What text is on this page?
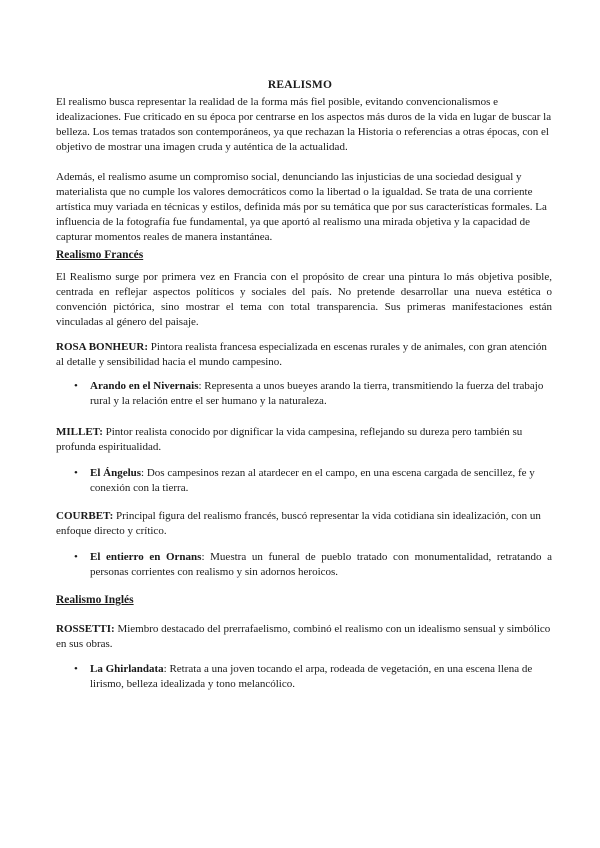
REALISMO

El realismo busca representar la realidad de la forma más fiel posible, evitando convencionalismos e idealizaciones. Fue criticado en su época por centrarse en los aspectos más duros de la vida en lugar de buscar la belleza. Los temas tratados son contemporáneos, ya que rechazan la Historia o referencias a otras épocas, con el objetivo de mostrar una imagen cruda y auténtica de la actualidad.

Además, el realismo asume un compromiso social, denunciando las injusticias de una sociedad desigual y materialista que no cumple los valores democráticos como la libertad o la igualdad. Se trata de una corriente artística muy variada en técnicas y estilos, definida más por su temática que por sus características formales. La influencia de la fotografía fue fundamental, ya que aportó al realismo una mirada objetiva y la capacidad de capturar momentos reales de manera instantánea.

Realismo Francés

El Realismo surge por primera vez en Francia con el propósito de crear una pintura lo más objetiva posible, centrada en reflejar aspectos políticos y sociales del país. No pretende desarrollar una nueva estética o convención pictórica, sino mostrar el tema con total transparencia. Sus primeras manifestaciones están vinculadas al género del paisaje.

ROSA BONHEUR: Pintora realista francesa especializada en escenas rurales y de animales, con gran atención al detalle y sensibilidad hacia el mundo campesino.

• Arando en el Nivernais: Representa a unos bueyes arando la tierra, transmitiendo la fuerza del trabajo rural y la relación entre el ser humano y la naturaleza.

MILLET: Pintor realista conocido por dignificar la vida campesina, reflejando su dureza pero también su profunda espiritualidad.

• El Ángelus: Dos campesinos rezan al atardecer en el campo, en una escena cargada de sencillez, fe y conexión con la tierra.

COURBET: Principal figura del realismo francés, buscó representar la vida cotidiana sin idealización, con un enfoque directo y crítico.

• El entierro en Ornans: Muestra un funeral de pueblo tratado con monumentalidad, retratando a personas corrientes con realismo y sin adornos heroicos.

Realismo Inglés

ROSSETTI: Miembro destacado del prerrafaelismo, combinó el realismo con un idealismo sensual y simbólico en sus obras.

• La Ghirlandata: Retrata a una joven tocando el arpa, rodeada de vegetación, en una escena llena de lirismo, belleza idealizada y tono melancólico.
